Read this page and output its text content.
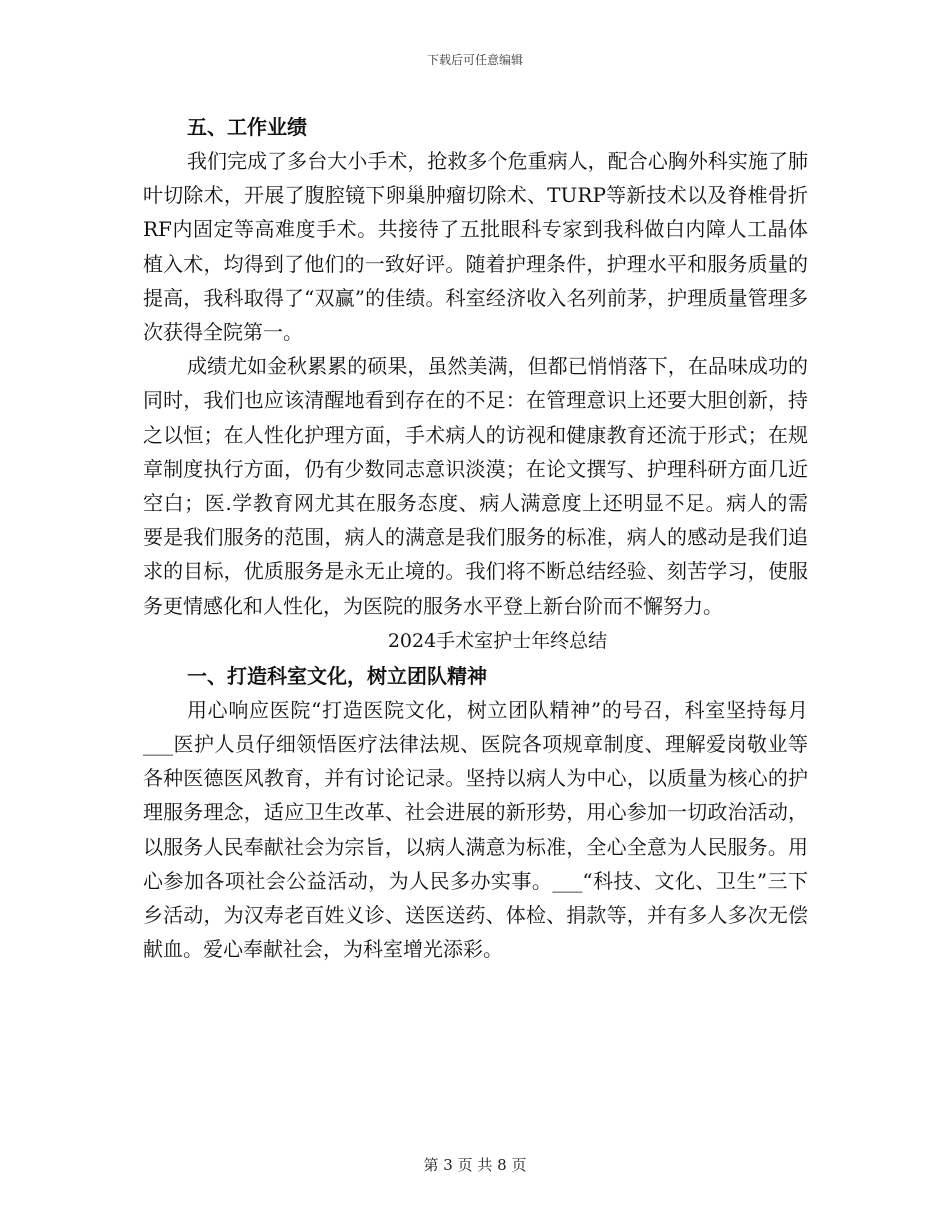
下载后可任意编辑
五、工作业绩

我们完成了多台大小手术，抢救多个危重病人，配合心胸外科实施了肺叶切除术，开展了腹腔镜下卵巢肿瘤切除术、TURP等新技术以及脊椎骨折RF内固定等高难度手术。共接待了五批眼科专家到我科做白内障人工晶体植入术，均得到了他们的一致好评。随着护理条件，护理水平和服务质量的提高，我科取得了“双赢”的佳绩。科室经济收入名列前茅，护理质量管理多次获得全院第一。

成绩尤如金秋累累的硕果，虽然美满，但都已悄悄落下，在品味成功的同时，我们也应该清醒地看到存在的不足：在管理意识上还要大胆创新，持之以恒；在人性化护理方面，手术病人的访视和健康教育还流于形式；在规章制度执行方面，仍有少数同志意识淡漠；在论文撰写、护理科研方面几近空白；医.学教育网尤其在服务态度、病人满意度上还明显不足。病人的需要是我们服务的范围，病人的满意是我们服务的标准，病人的感动是我们追求的目标，优质服务是永无止境的。我们将不断总结经验、刻苦学习，使服务更情感化和人性化，为医院的服务水平登上新台阶而不懈努力。

2024手术室护士年终总结
一、打造科室文化，树立团队精神

用心响应医院“打造医院文化，树立团队精神”的号召，科室坚持每月___医护人员仔细领悟医疗法律法规、医院各项规章制度、理解爱岗敬业等各种医德医风教育，并有讨论记录。坚持以病人为中心，以质量为核心的护理服务理念，适应卫生改革、社会进展的新形势，用心参加一切政治活动，以服务人民奉献社会为宗旨，以病人满意为标准，全心全意为人民服务。用心参加各项社会公益活动，为人民多办实事。___“科技、文化、卫生”三下乡活动，为汉寿老百姓义诊、送医送药、体检、捐款等，并有多人多次无偿献血。爱心奉献社会，为科室增光添彩。

第 3 页 共 8 页
